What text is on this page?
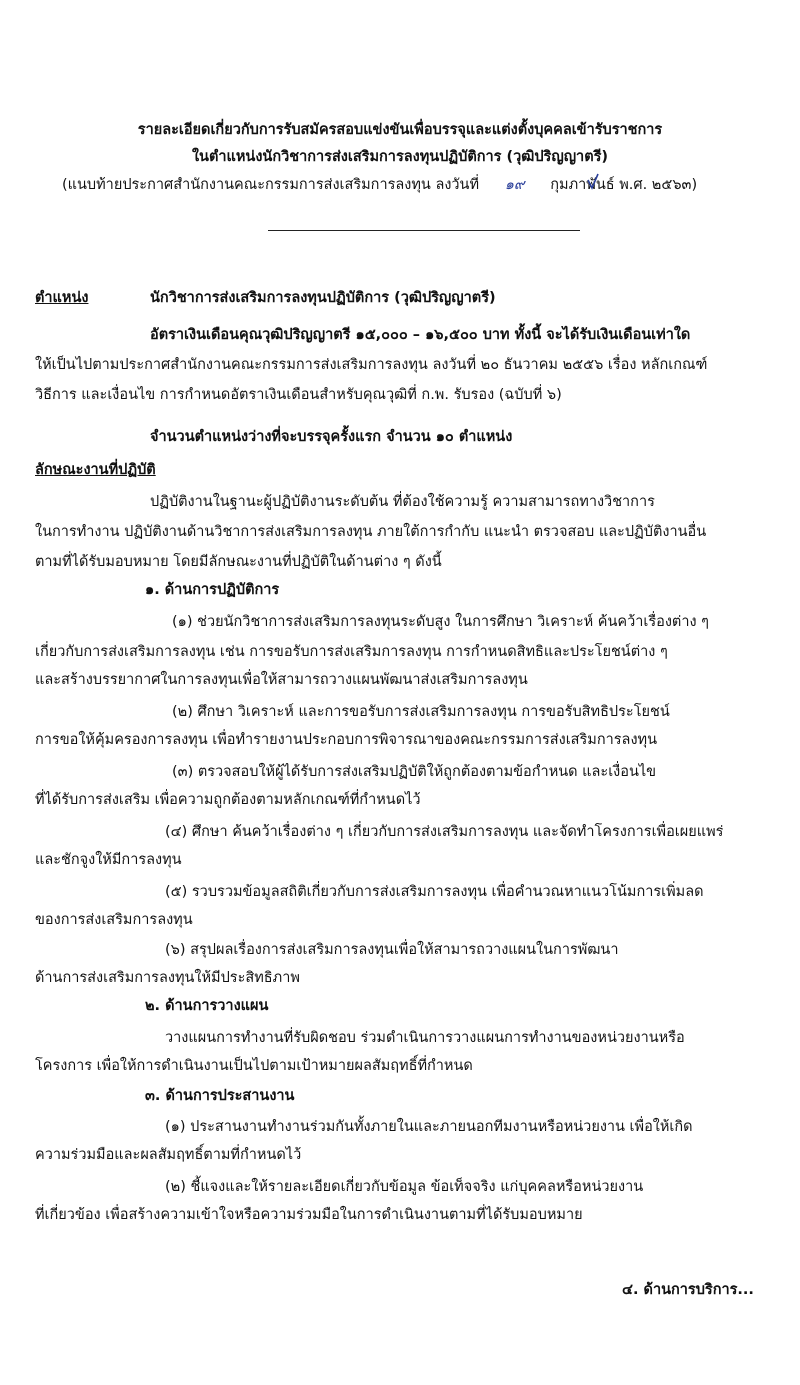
รายละเอียดเกี่ยวกับการรับสมัครสอบแข่งขันเพื่อบรรจุและแต่งตั้งบุคคลเข้ารับราชการ
ในตำแหน่งนักวิชาการส่งเสริมการลงทุนปฏิบัติการ (วุฒิปริญญาตรี)
(แนบท้ายประกาศสำนักงานคณะกรรมการส่งเสริมการลงทุน ลงวันที่ ๑๙ กุมภาพันธ์ พ.ศ. ๒๕๖๓)
ตำแหน่ง	นักวิชาการส่งเสริมการลงทุนปฏิบัติการ (วุฒิปริญญาตรี)
อัตราเงินเดือนคุณวุฒิปริญญาตรี ๑๕,๐๐๐ – ๑๖,๕๐๐ บาท ทั้งนี้ จะได้รับเงินเดือนเท่าใด
ให้เป็นไปตามประกาศสำนักงานคณะกรรมการส่งเสริมการลงทุน ลงวันที่ ๒๐ ธันวาคม ๒๕๕๖ เรื่อง หลักเกณฑ์
วิธีการ และเงื่อนไข การกำหนดอัตราเงินเดือนสำหรับคุณวุฒิที่ ก.พ. รับรอง (ฉบับที่ ๖)
จำนวนตำแหน่งว่างที่จะบรรจุครั้งแรก จำนวน ๑๐ ตำแหน่ง
ลักษณะงานที่ปฏิบัติ
ปฏิบัติงานในฐานะผู้ปฏิบัติงานระดับต้น ที่ต้องใช้ความรู้ ความสามารถทางวิชาการ
ในการทำงาน ปฏิบัติงานด้านวิชาการส่งเสริมการลงทุน ภายใต้การกำกับ แนะนำ ตรวจสอบ และปฏิบัติงานอื่น
ตามที่ได้รับมอบหมาย โดยมีลักษณะงานที่ปฏิบัติในด้านต่าง ๆ ดังนี้
๑. ด้านการปฏิบัติการ
(๑) ช่วยนักวิชาการส่งเสริมการลงทุนระดับสูง ในการศึกษา วิเคราะห์ ค้นคว้าเรื่องต่าง ๆ
เกี่ยวกับการส่งเสริมการลงทุน เช่น การขอรับการส่งเสริมการลงทุน การกำหนดสิทธิและประโยชน์ต่าง ๆ
และสร้างบรรยากาศในการลงทุนเพื่อให้สามารถวางแผนพัฒนาส่งเสริมการลงทุน
(๒) ศึกษา วิเคราะห์ และการขอรับการส่งเสริมการลงทุน การขอรับสิทธิประโยชน์
การขอให้คุ้มครองการลงทุน เพื่อทำรายงานประกอบการพิจารณาของคณะกรรมการส่งเสริมการลงทุน
(๓) ตรวจสอบให้ผู้ได้รับการส่งเสริมปฏิบัติให้ถูกต้องตามข้อกำหนด และเงื่อนไข
ที่ได้รับการส่งเสริม เพื่อความถูกต้องตามหลักเกณฑ์ที่กำหนดไว้
(๔) ศึกษา ค้นคว้าเรื่องต่าง ๆ เกี่ยวกับการส่งเสริมการลงทุน และจัดทำโครงการเพื่อเผยแพร่
และชักจูงให้มีการลงทุน
(๕) รวบรวมข้อมูลสถิติเกี่ยวกับการส่งเสริมการลงทุน เพื่อคำนวณหาแนวโน้มการเพิ่มลด
ของการส่งเสริมการลงทุน
(๖) สรุปผลเรื่องการส่งเสริมการลงทุนเพื่อให้สามารถวางแผนในการพัฒนา
ด้านการส่งเสริมการลงทุนให้มีประสิทธิภาพ
๒. ด้านการวางแผน
วางแผนการทำงานที่รับผิดชอบ ร่วมดำเนินการวางแผนการทำงานของหน่วยงานหรือ
โครงการ เพื่อให้การดำเนินงานเป็นไปตามเป้าหมายผลสัมฤทธิ์ที่กำหนด
๓. ด้านการประสานงาน
(๑) ประสานงานทำงานร่วมกันทั้งภายในและภายนอกทีมงานหรือหน่วยงาน เพื่อให้เกิด
ความร่วมมือและผลสัมฤทธิ์ตามที่กำหนดไว้
(๒) ชี้แจงและให้รายละเอียดเกี่ยวกับข้อมูล ข้อเท็จจริง แก่บุคคลหรือหน่วยงาน
ที่เกี่ยวข้อง เพื่อสร้างความเข้าใจหรือความร่วมมือในการดำเนินงานตามที่ได้รับมอบหมาย
๔. ด้านการบริการ...
